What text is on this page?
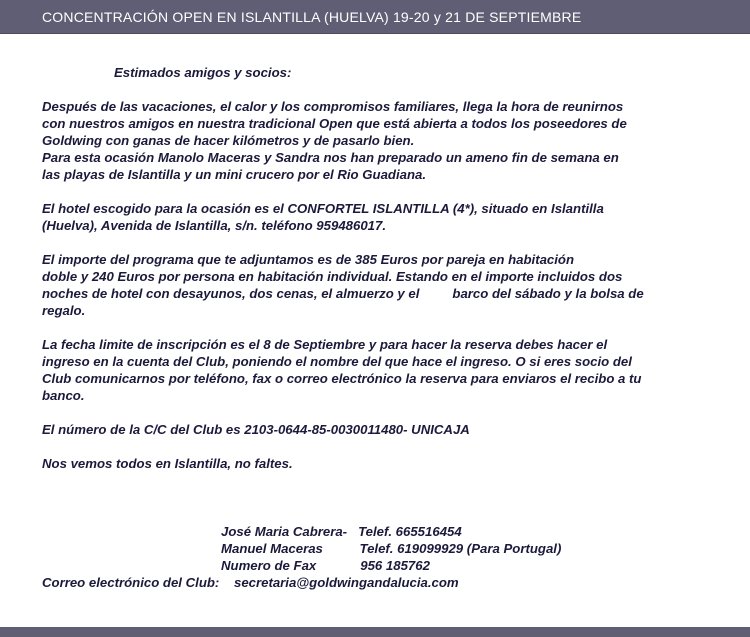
CONCENTRACIÓN OPEN EN ISLANTILLA (HUELVA) 19-20 y 21 DE SEPTIEMBRE

Estimados amigos y socios:

Después de las vacaciones, el calor y los compromisos familiares, llega la hora de reunirnos

con nuestros amigos en nuestra tradicional Open que está abierta a todos los poseedores de

Goldwing con ganas de hacer kilómetros y de pasarlo bien.

Para esta ocasión Manolo Maceras y Sandra nos han preparado un ameno fin de semana en

las playas de Islantilla y un mini crucero por el Rio Guadiana.

El hotel escogido para la ocasión es el CONFORTEL ISLANTILLA (4*), situado en Islantilla

(Huelva), Avenida de Islantilla, s/n. teléfono 959486017.

El importe del programa que te adjuntamos es de 385 Euros por pareja en habitación

doble y 240 Euros por persona en habitación individual. Estando en el importe incluidos dos

noches de hotel con desayunos, dos cenas, el almuerzo y el         barco del sábado y la bolsa de

regalo.

La fecha limite de inscripción es el 8 de Septiembre y para hacer la reserva debes hacer el

ingreso en la cuenta del Club, poniendo el nombre del que hace el ingreso. O si eres socio del

Club comunicarnos por teléfono, fax o correo electrónico la reserva para enviaros el recibo a tu

banco.

El número de la C/C del Club es 2103-0644-85-0030011480- UNICAJA

Nos vemos todos en Islantilla, no faltes.

José Maria Cabrera-   Telef. 665516454

Manuel Maceras          Telef. 619099929 (Para Portugal)

Numero de Fax            956 185762

Correo electrónico del Club: secretaria@goldwingandalucia.com
